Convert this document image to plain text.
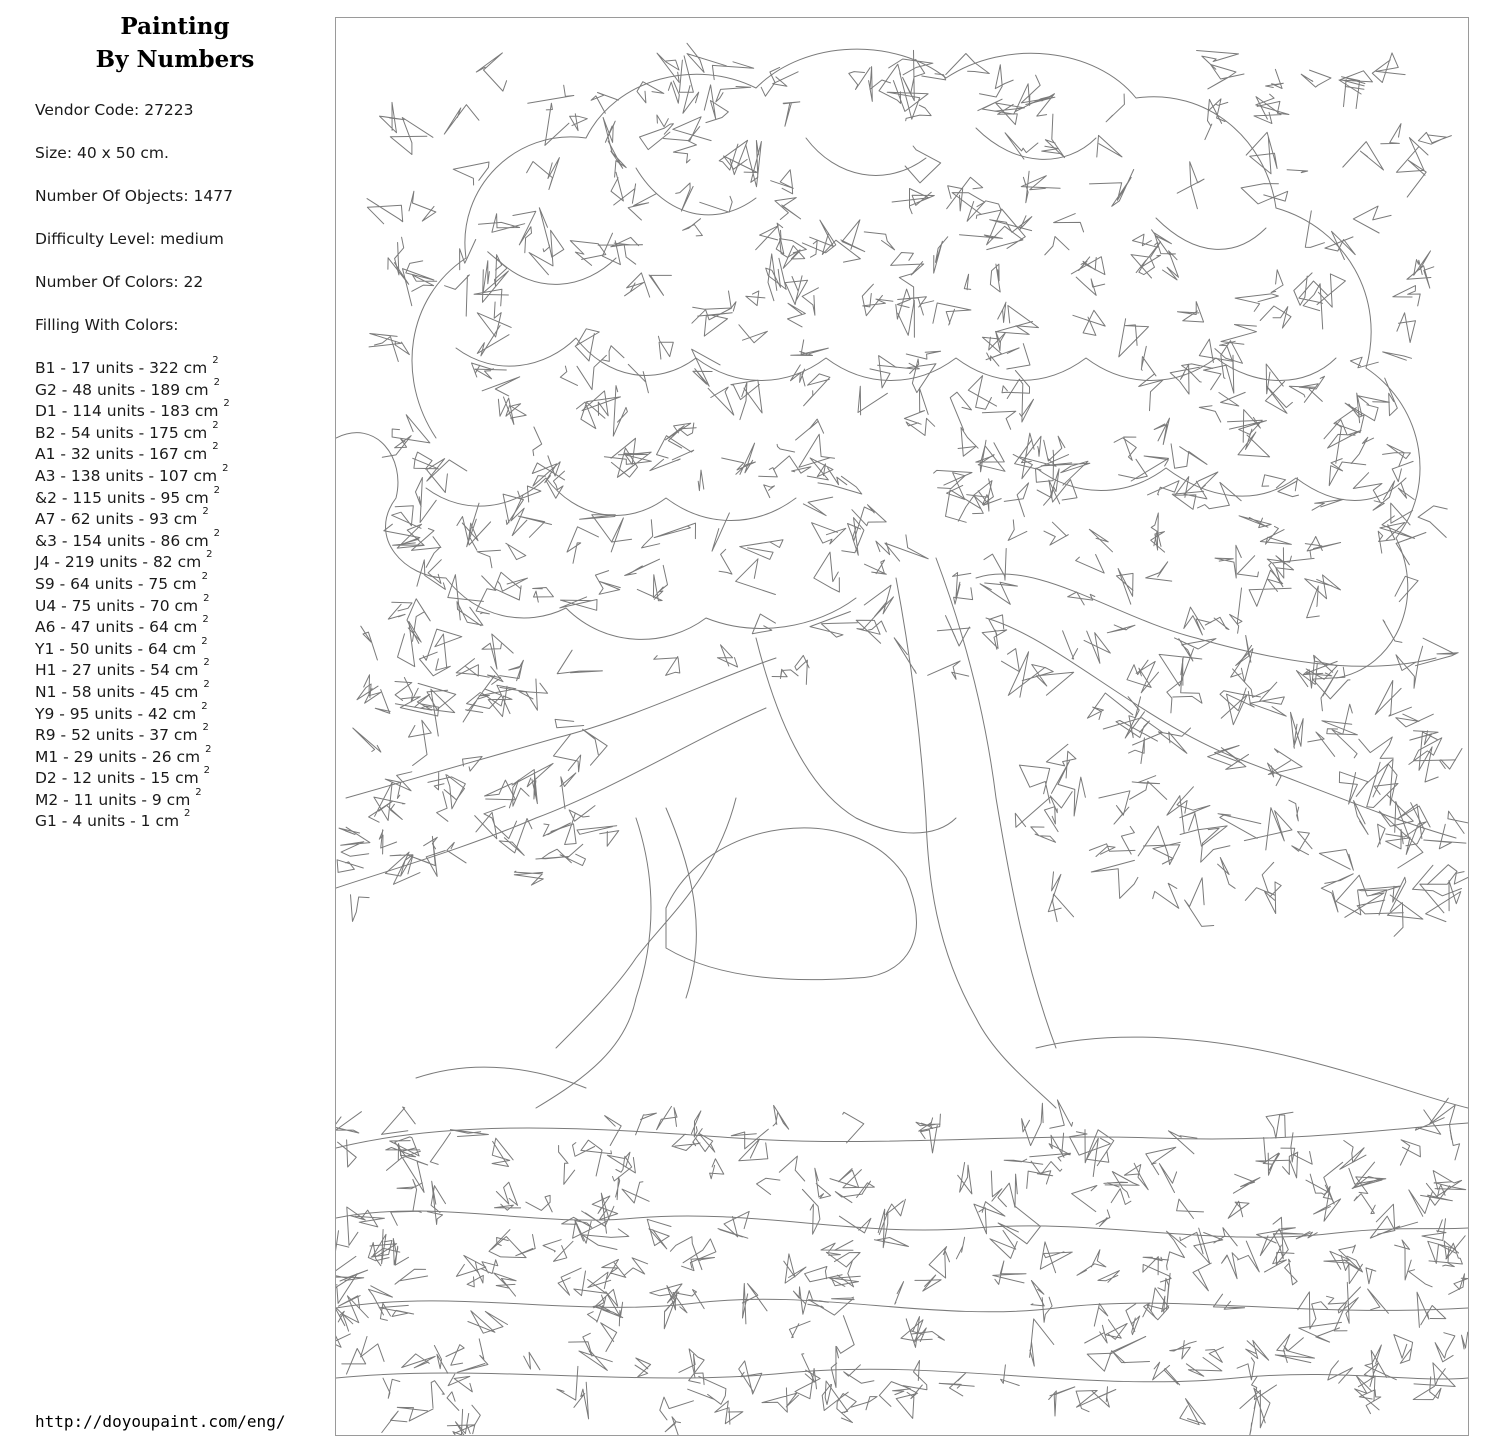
Painting
By Numbers
Vendor Code: 27223
Size: 40 x 50 cm.
Number Of Objects: 1477
Difficulty Level: medium
Number Of Colors: 22
Filling With Colors:
B1 - 17 units - 322 cm $^2$
G2 - 48 units - 189 cm $^2$
D1 - 114 units - 183 cm $^2$
B2 - 54 units - 175 cm $^2$
A1 - 32 units - 167 cm $^2$
A3 - 138 units - 107 cm $^2$
&2 - 115 units - 95 cm $^2$
A7 - 62 units - 93 cm $^2$
&3 - 154 units - 86 cm $^2$
J4 - 219 units - 82 cm $^2$
S9 - 64 units - 75 cm $^2$
U4 - 75 units - 70 cm $^2$
A6 - 47 units - 64 cm $^2$
Y1 - 50 units - 64 cm $^2$
H1 - 27 units - 54 cm $^2$
N1 - 58 units - 45 cm $^2$
Y9 - 95 units - 42 cm $^2$
R9 - 52 units - 37 cm $^2$
M1 - 29 units - 26 cm $^2$
D2 - 12 units - 15 cm $^2$
M2 - 11 units - 9 cm $^2$
G1 - 4 units - 1 cm $^2$
http://doyoupaint.com/eng/
